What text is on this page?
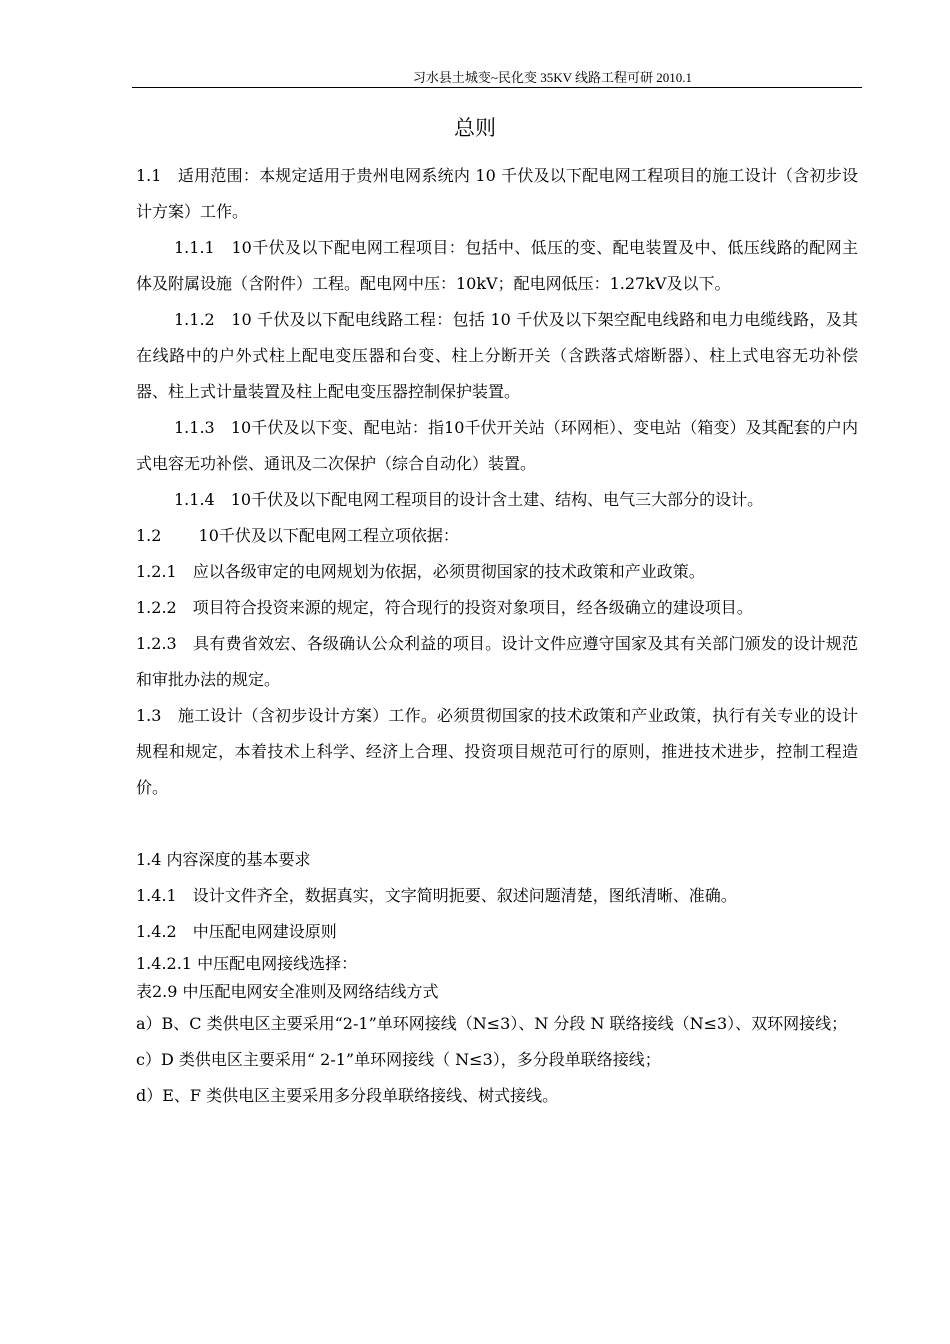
习水县土城变~民化变 35KV 线路工程可研 2010.1
总则

1.1　适用范围：本规定适用于贵州电网系统内 10 千伏及以下配电网工程项目的施工设计（含初步设计方案）工作。

1.1.1　10千伏及以下配电网工程项目：包括中、低压的变、配电装置及中、低压线路的配网主体及附属设施（含附件）工程。配电网中压：10kV；配电网低压：1.27kV及以下。

1.1.2　10 千伏及以下配电线路工程：包括 10 千伏及以下架空配电线路和电力电缆线路，及其在线路中的户外式柱上配电变压器和台变、柱上分断开关（含跌落式熔断器）、柱上式电容无功补偿器、柱上式计量装置及柱上配电变压器控制保护装置。

1.1.3　10千伏及以下变、配电站：指10千伏开关站（环网柜）、变电站（箱变）及其配套的户内式电容无功补偿、通讯及二次保护（综合自动化）装置。

1.1.4　10千伏及以下配电网工程项目的设计含土建、结构、电气三大部分的设计。

1.2　　 10千伏及以下配电网工程立项依据：

1.2.1　应以各级审定的电网规划为依据，必须贯彻国家的技术政策和产业政策。

1.2.2　项目符合投资来源的规定，符合现行的投资对象项目，经各级确立的建设项目。

1.2.3　具有费省效宏、各级确认公众利益的项目。设计文件应遵守国家及其有关部门颁发的设计规范和审批办法的规定。

1.3　施工设计（含初步设计方案）工作。必须贯彻国家的技术政策和产业政策，执行有关专业的设计规程和规定，本着技术上科学、经济上合理、投资项目规范可行的原则，推进技术进步，控制工程造价。

1.4 内容深度的基本要求

1.4.1　设计文件齐全，数据真实，文字简明扼要、叙述问题清楚，图纸清晰、准确。

1.4.2　中压配电网建设原则

1.4.2.1 中压配电网接线选择：

表2.9 中压配电网安全准则及网络结线方式

a）B、C 类供电区主要采用“2-1”单环网接线（N≤3）、N 分段 N 联络接线（N≤3）、双环网接线；

c）D 类供电区主要采用“ 2-1”单环网接线（ N≤3），多分段单联络接线；

d）E、F 类供电区主要采用多分段单联络接线、树式接线。
